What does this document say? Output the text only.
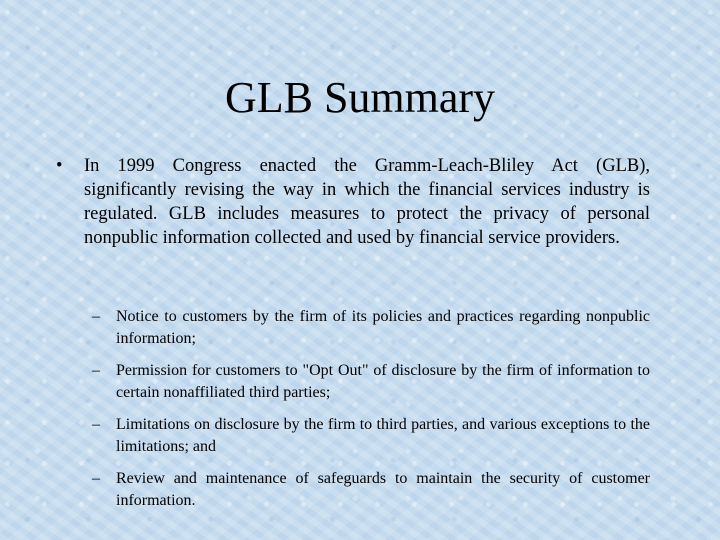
GLB Summary
• In 1999 Congress enacted the Gramm-Leach-Bliley Act (GLB), significantly revising the way in which the financial services industry is regulated. GLB includes measures to protect the privacy of personal nonpublic information collected and used by financial service providers.
– Notice to customers by the firm of its policies and practices regarding nonpublic information;
– Permission for customers to "Opt Out" of disclosure by the firm of information to certain nonaffiliated third parties;
– Limitations on disclosure by the firm to third parties, and various exceptions to the limitations; and
– Review and maintenance of safeguards to maintain the security of customer information.
